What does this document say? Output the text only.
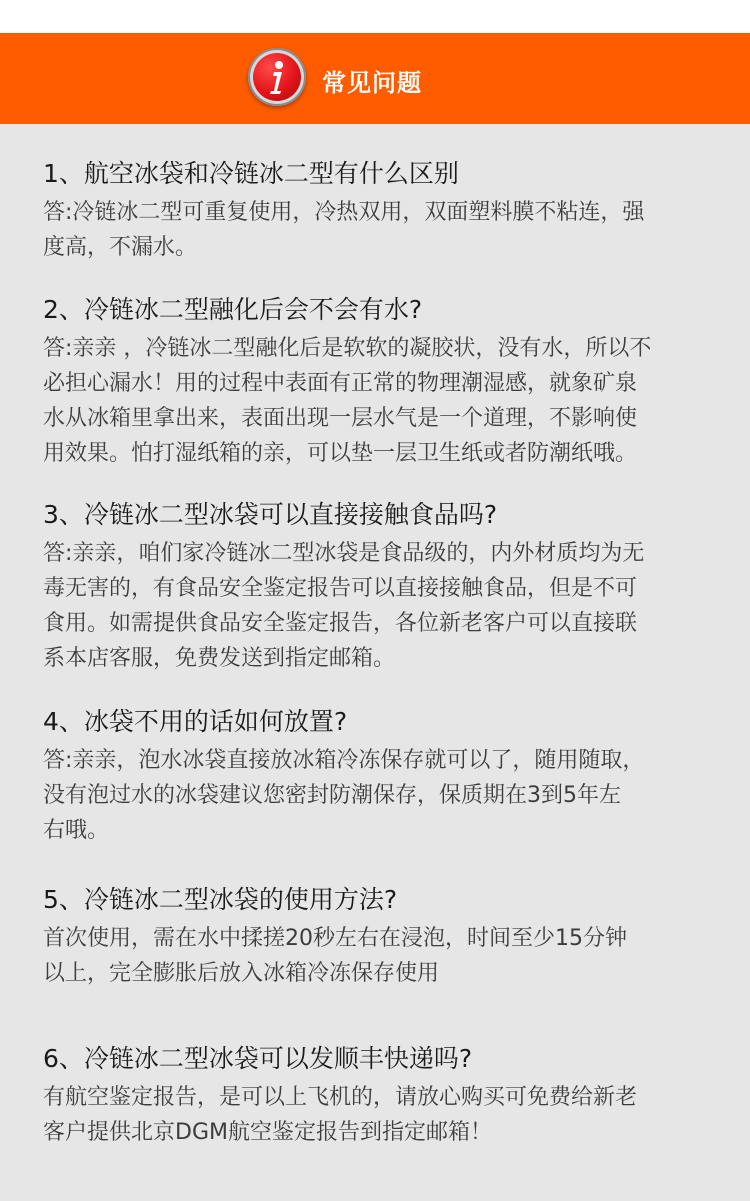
常见问题
1、航空冰袋和冷链冰二型有什么区别
答:冷链冰二型可重复使用，冷热双用，双面塑料膜不粘连，强
度高，不漏水。
2、冷链冰二型融化后会不会有水?
答:亲亲 ，冷链冰二型融化后是软软的凝胶状，没有水，所以不
必担心漏水！用的过程中表面有正常的物理潮湿感，就象矿泉
水从冰箱里拿出来，表面出现一层水气是一个道理，不影响使
用效果。怕打湿纸箱的亲，可以垫一层卫生纸或者防潮纸哦。
3、冷链冰二型冰袋可以直接接触食品吗?
答:亲亲，咱们家冷链冰二型冰袋是食品级的，内外材质均为无
毒无害的，有食品安全鉴定报告可以直接接触食品，但是不可
食用。如需提供食品安全鉴定报告，各位新老客户可以直接联
系本店客服，免费发送到指定邮箱。
4、冰袋不用的话如何放置?
答:亲亲，泡水冰袋直接放冰箱冷冻保存就可以了，随用随取，
没有泡过水的冰袋建议您密封防潮保存，保质期在3到5年左
右哦。
5、冷链冰二型冰袋的使用方法?
首次使用，需在水中揉搓20秒左右在浸泡，时间至少15分钟
以上，完全膨胀后放入冰箱冷冻保存使用
6、冷链冰二型冰袋可以发顺丰快递吗?
有航空鉴定报告，是可以上飞机的，请放心购买可免费给新老
客户提供北京DGM航空鉴定报告到指定邮箱！
